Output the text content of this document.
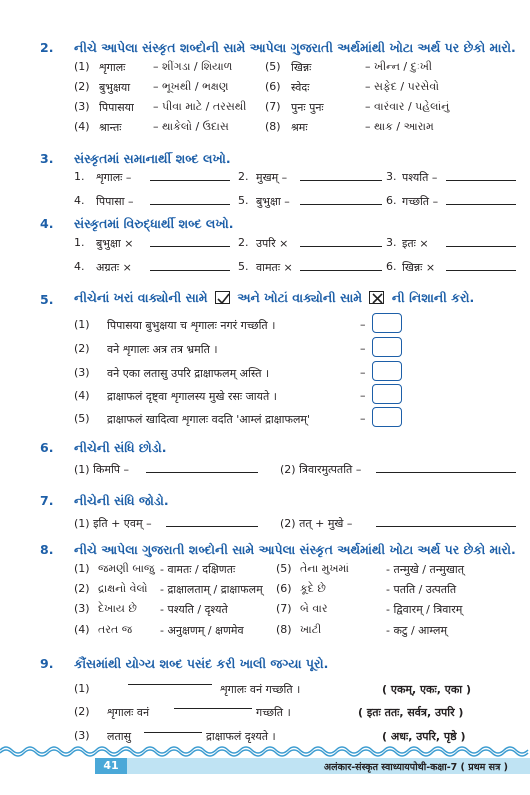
2. નીચે આપેલા સંસ્કૃત શબ્દોની સામે આપેલા ગુજરાતી અર્થમાંથી ખોટા અર્થ પર છેકો મારો.
(1) शृगालः	– શીંગડા / શિયાળ	(5) खिन्नः	– ખીન્ન / દુઃખી
(2) बुभुक्षया – ભૂખથી / ભક્ષણ	(6) स्वेदः	– સફેદ / પરસેવો
(3) पिपासया – પીવા માટે / તરસથી (7) पुनः पुनः	– વારંવાર / પહેલાંનું
(4) श्रान्तः	– થાકેલો / ઉદાસ	(8) श्रमः	– થાક / આરામ
3. સંસ્કૃતમાં સમાનાર્થી શબ્દ લખો.
1. शृगालः –	2. मुखम् –	3. पश्यति –
4. पिपासा –	5. बुभुक्षा –	6. गच्छति –
4. સંસ્કૃતમાં વિરુદ્ધાર્થી શબ્દ લખો.
1. बुभुक्षा ×	2. उपरि ×	3. इतः ×
4. अग्रतः ×	5. वामतः ×	6. खिन्नः ×
5. નીચેનાં ખરાં વાક્યોની સામે અને ખોટાં વાક્યોની સામે ની નિશાની કરો.
(1) पिपासया बुभुक्षया च शृगालः नगरं गच्छति ।	–
(2) वने शृगालः अत्र तत्र भ्रमति ।	–
(3) वने एका लतासु उपरि द्राक्षाफलम् अस्ति ।	–
(4) द्राक्षाफलं दृष्ट्वा शृगालस्य मुखे रसः जायते ।	–
(5) द्राक्षाफलं खादित्वा शृगालः वदति 'आम्लं द्राक्षाफलम्'	–
6. નીચેની સંધિ છોડો.
(1) किमपि –	(2) त्रिवारमुत्पतति –
7. નીચેની સંધિ જોડો.
(1) इति + एवम् –	(2) तत् + मुखे –
8. નીચે આપેલા ગુજરાતી શબ્દોની સામે આપેલા સંસ્કૃત અર્થમાંથી ખોટા અર્થ પર છેકો મારો.
(1) જમણી બાજુ - वामतः / दक्षिणतः	(5) તેના મુખમાં	- तन्मुखे / तन्मुखात्
(2) દ્રાક્ષનો વેલો - द्राक्षालताम् / द्राक्षाफलम् (6) કૂદે છે	- पतति / उत्पतति
(3) દેખાય છે - पश्यति / दृश्यते	(7) બે વાર	- द्विवारम् / त्रिवारम्
(4) તરત જ	- अनुक्षणम् / क्षणमेव	(8) ખાટી	- कटु / आम्लम्
9. કૌંસમાંથી યોગ્ય શબ્દ પસંદ કરી ખાલી જગ્યા પૂરો.
(1)	शृगालः वनं गच्छति ।	( एकम्, एकः, एका )
(2) शृगालः वनं	गच्छति ।	( इतः ततः, सर्वत्र, उपरि )
(3) लतासु	द्राक्षाफलं दृश्यते ।	( अधः, उपरि, पृष्ठे )
41	अलंकार-संस्कृत स्वाध्यायपोथी-कक्षा-7 ( प्रथम सत्र )
